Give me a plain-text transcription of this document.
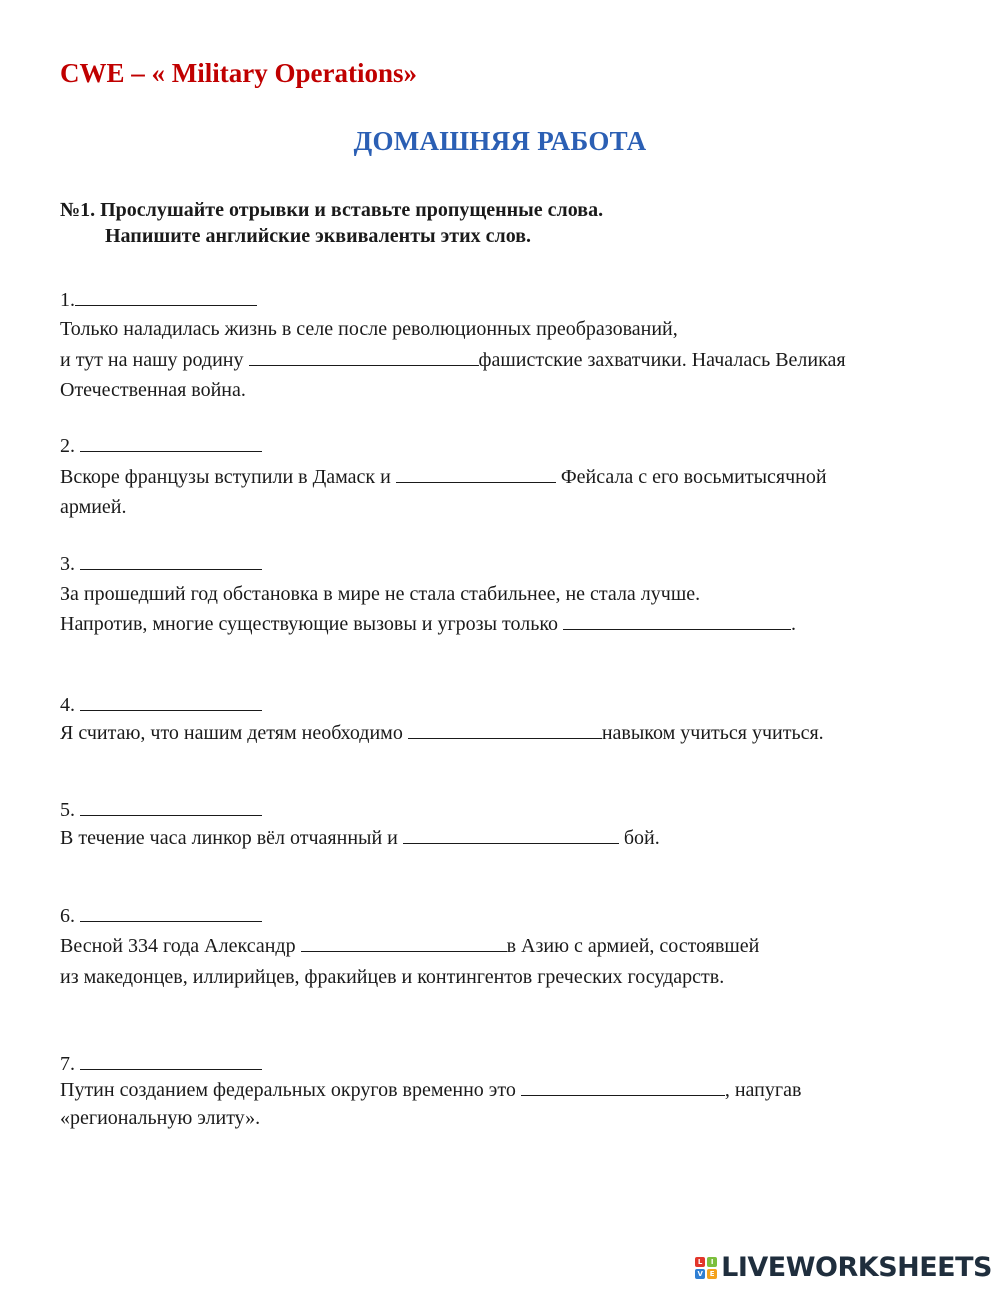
CWE – « Military Operations»
ДОМАШНЯЯ РАБОТА
№1. Прослушайте отрывки и вставьте пропущенные слова.
Напишите английские эквиваленты этих слов.
1.
Только наладилась жизнь в селе после революционных преобразований,
и тут на нашу родину	фашистские захватчики. Началась Великая
Отечественная война.
2.
Вскоре французы вступили в Дамаск и	Фейсала с его восьмитысячной
армией.
3.
За прошедший год обстановка в мире не стала стабильнее, не стала лучше.
Напротив, многие существующие вызовы и угрозы только	.
4.
Я считаю, что нашим детям необходимо	навыком учиться учиться.
5.
В течение часа линкор вёл отчаянный и	бой.
6.
Весной 334 года Александр	в Азию с армией, состоявшей
из македонцев, иллирийцев, фракийцев и контингентов греческих государств.
7.
Путин созданием федеральных округов временно это	, напугав
«региональную элиту».
L	I
V E LIVEWORKSHEETS
